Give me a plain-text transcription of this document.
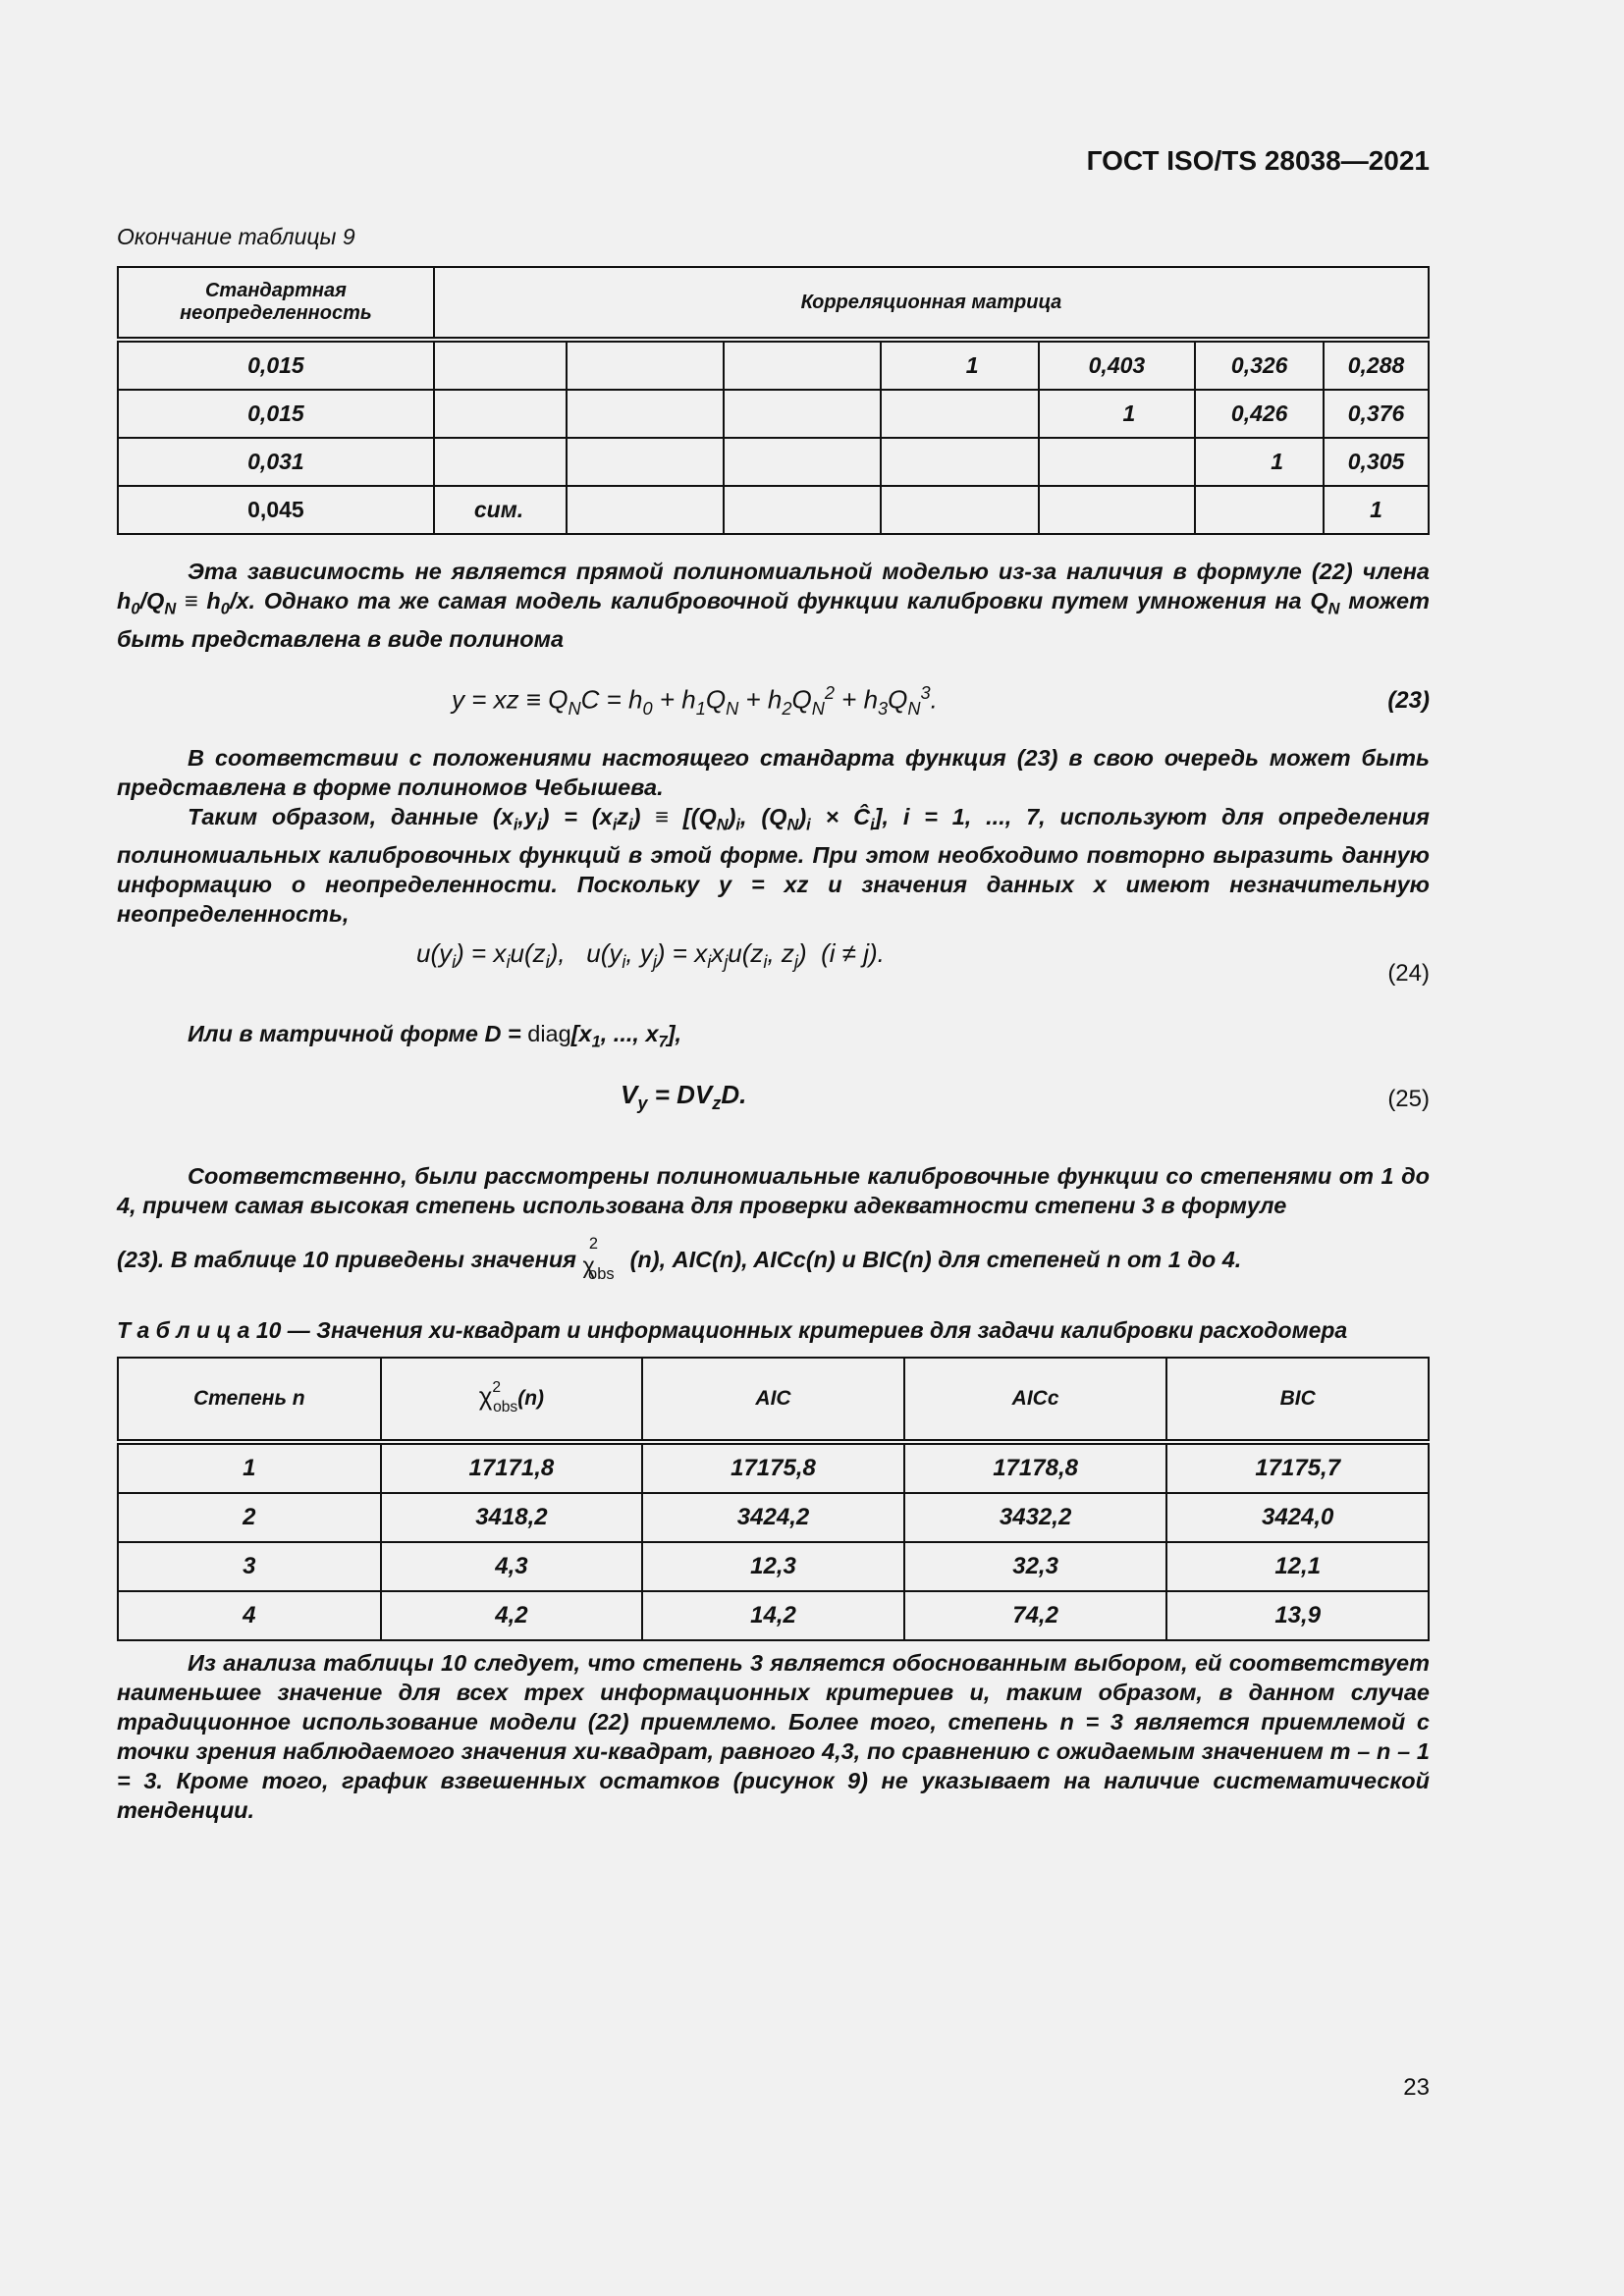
ГОСТ ISO/TS 28038—2021
Окончание таблицы 9
Стандартная неопределенность	Корреляционная матрица						
0,015				1	0,403	0,326	0,288
0,015					1	0,426	0,376
0,031						1	0,305
0,045	сим.						1
Эта зависимость не является прямой полиномиальной моделью из-за наличия в формуле (22) члена $h_0/Q_N \equiv h_0/x$. Однако та же самая модель калибровочной функции калибровки путем умножения на $Q_N$ может быть представлена в виде полинома
y = xz ≡ $Q_NC = h_0 + h_1Q_N + h_2Q_N^2 + h_3Q_N^3$.	(23)
В соответствии с положениями настоящего стандарта функция (23) в свою очередь может быть представлена в форме полиномов Чебышева.
Таким образом, данные $(x_i,y_i) = (x_iz_i) \equiv [(Q_N)_i$, $(Q_N)_i$ × $Ĉ_i$], i = 1, ..., 7, используют для определения полиномиальных калибровочных функций в этой форме. При этом необходимо повторно выразить данную информацию о неопределенности. Поскольку y = xz и значения данных x имеют незначительную неопределенность,
$u(y_i) = x_iu(z_i)$,   $u(y_i$, $y_j) = x_ix_ju(z_i$, $z_j$)  (i ≠ j).
(24)
Или в матричной форме $D = diag[x_1$, ..., $x_7$],
$V_y = DV_zD$.	(25)
Соответственно, были рассмотрены полиномиальные калибровочные функции со степенями от 1 до 4, причем самая высокая степень использована для проверки адекватности степени 3 в формуле
(23). В таблице 10 приведены значения $\chi^2_{obs}(n)$, AIC(n), AICc(n) и BIC(n) для степеней n от 1 до 4.
Т а б л и ц а 10 — Значения хи-квадрат и информационных критериев для задачи калибровки расходомера
Степень n	$\chi^2_{obs}(n)$	AIC	AICc	BIC
1	17171,8	17175,8	17178,8	17175,7
2	3418,2	3424,2	3432,2	3424,0
3	4,3	12,3	32,3	12,1
4	4,2	14,2	74,2	13,9
Из анализа таблицы 10 следует, что степень 3 является обоснованным выбором, ей соответствует наименьшее значение для всех трех информационных критериев и, таким образом, в данном случае традиционное использование модели (22) приемлемо. Более того, степень n = 3 является приемлемой с точки зрения наблюдаемого значения хи-квадрат, равного 4,3, по сравнению с ожидаемым значением m – n – 1 = 3. Кроме того, график взвешенных остатков (рисунок 9) не указывает на наличие систематической тенденции.
23
